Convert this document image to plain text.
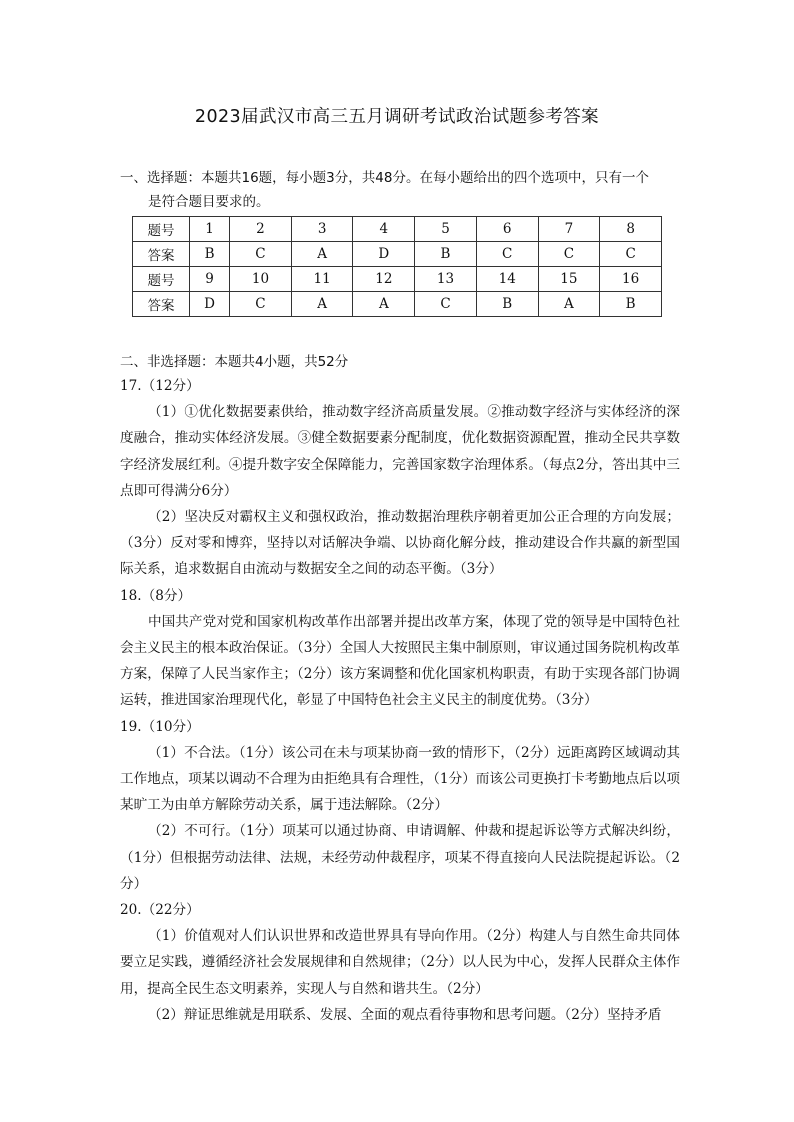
2023届武汉市高三五月调研考试政治试题参考答案
一、选择题：本题共16题，每小题3分，共48分。在每小题给出的四个选项中，只有一个
是符合题目要求的。
题号	1	2	3	4	5	6	7	8
答案	B	C	A	D	B	C	C	C
题号	9	10	11	12	13	14	15	16
答案	D	C	A	A	C	B	A	B
二、非选择题：本题共4小题，共52分

17.（12分）

（1）①优化数据要素供给，推动数字经济高质量发展。②推动数字经济与实体经济的深度融合，推动实体经济发展。③健全数据要素分配制度，优化数据资源配置，推动全民共享数字经济发展红利。④提升数字安全保障能力，完善国家数字治理体系。（每点2分，答出其中三点即可得满分6分）

（2）坚决反对霸权主义和强权政治，推动数据治理秩序朝着更加公正合理的方向发展；（3分）反对零和博弈，坚持以对话解决争端、以协商化解分歧，推动建设合作共赢的新型国际关系，追求数据自由流动与数据安全之间的动态平衡。（3分）

18.（8分）

中国共产党对党和国家机构改革作出部署并提出改革方案，体现了党的领导是中国特色社会主义民主的根本政治保证。（3分）全国人大按照民主集中制原则，审议通过国务院机构改革方案，保障了人民当家作主；（2分）该方案调整和优化国家机构职责，有助于实现各部门协调运转，推进国家治理现代化，彰显了中国特色社会主义民主的制度优势。（3分）

19.（10分）

（1）不合法。（1分）该公司在未与项某协商一致的情形下，（2分）远距离跨区域调动其工作地点，项某以调动不合理为由拒绝具有合理性，（1分）而该公司更换打卡考勤地点后以项某旷工为由单方解除劳动关系，属于违法解除。（2分）

（2）不可行。（1分）项某可以通过协商、申请调解、仲裁和提起诉讼等方式解决纠纷，（1分）但根据劳动法律、法规，未经劳动仲裁程序，项某不得直接向人民法院提起诉讼。（2分）

20.（22分）

（1）价值观对人们认识世界和改造世界具有导向作用。（2分）构建人与自然生命共同体要立足实践，遵循经济社会发展规律和自然规律；（2分）以人民为中心，发挥人民群众主体作用，提高全民生态文明素养，实现人与自然和谐共生。（2分）

（2）辩证思维就是用联系、发展、全面的观点看待事物和思考问题。（2分）坚持矛盾
